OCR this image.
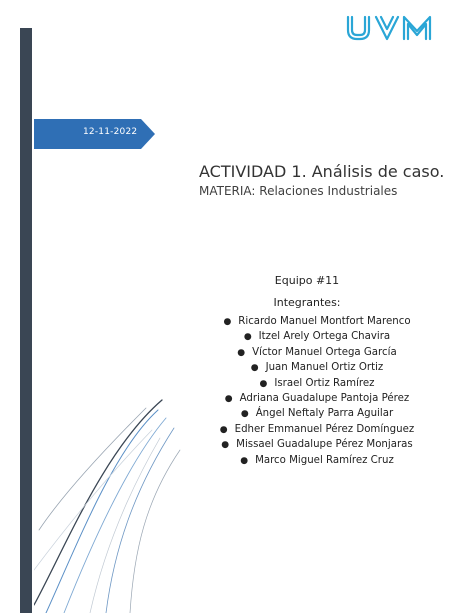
12-11-2022
ACTIVIDAD 1. Análisis de caso.
MATERIA: Relaciones Industriales
Equipo #11
Integrantes:
● Ricardo Manuel Montfort Marenco
● Itzel Arely Ortega Chavira
● Víctor Manuel Ortega García
● Juan Manuel Ortiz Ortiz
● Israel Ortiz Ramírez
● Adriana Guadalupe Pantoja Pérez
● Ángel Neftaly Parra Aguilar
● Edher Emmanuel Pérez Domínguez
● Missael Guadalupe Pérez Monjaras
● Marco Miguel Ramírez Cruz
